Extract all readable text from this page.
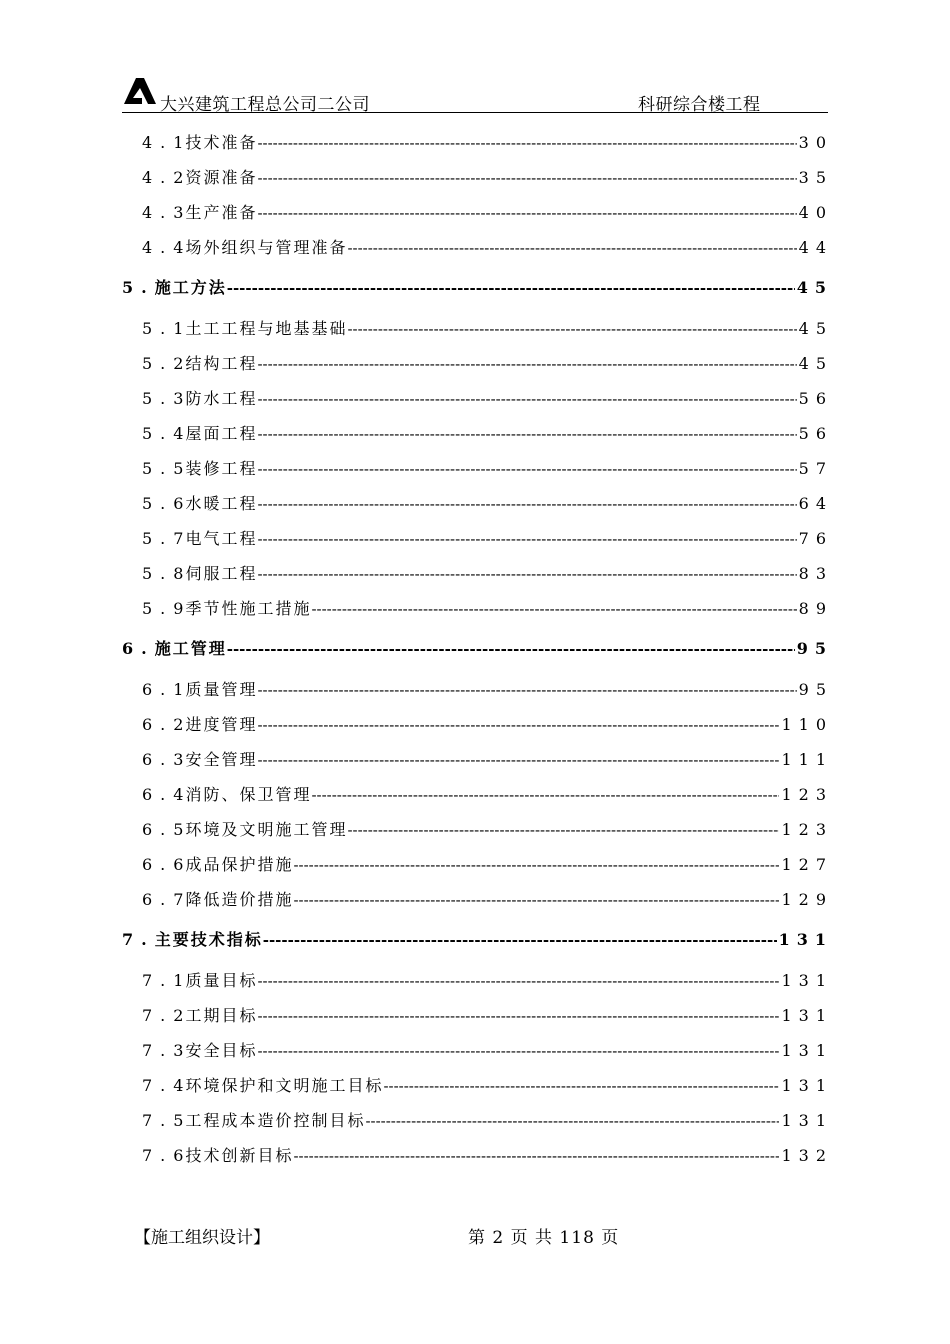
大兴建筑工程总公司二公司	科研综合楼工程
4. 1技术准备 -----	30
4. 2资源准备 -----	35
4. 3生产准备 -----	40
4. 4场外组织与管理准备 -----	44
5. 施工方法 -----	45
5. 1土工工程与地基基础 -----	45
5. 2结构工程 -----	45
5. 3防水工程 -----	56
5. 4屋面工程 -----	56
5. 5装修工程 -----	57
5. 6水暖工程 -----	64
5. 7电气工程 -----	76
5. 8伺服工程 -----	83
5. 9季节性施工措施 -----	89
6. 施工管理 -----	95
6. 1质量管理 -----	95
6. 2进度管理 -----	110
6. 3安全管理 -----	111
6. 4消防、保卫管理 -----	123
6. 5环境及文明施工管理 -----	123
6. 6成品保护措施 -----	127
6. 7降低造价措施 -----	129
7. 主要技术指标 -----	131
7. 1质量目标 -----	131
7. 2工期目标 -----	131
7. 3安全目标 -----	131
7. 4环境保护和文明施工目标 -----	131
7. 5工程成本造价控制目标 -----	131
7. 6技术创新目标 -----	132
【施工组织设计】	第 2 页 共 118 页
